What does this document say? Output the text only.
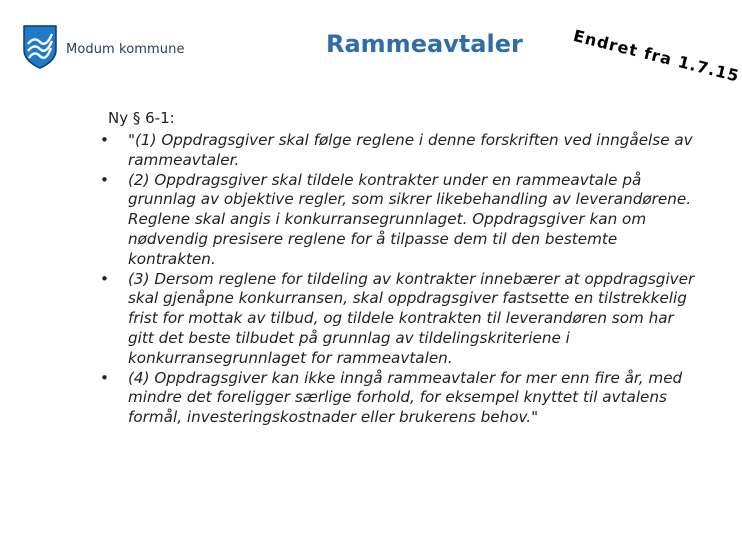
Modum kommune	Rammeavtaler	Endret fra 1.7.15
Ny § 6-1:
• "(1) Oppdragsgiver skal følge reglene i denne forskriften ved inngåelse av rammeavtaler.
• (2) Oppdragsgiver skal tildele kontrakter under en rammeavtale på grunnlag av objektive regler, som sikrer likebehandling av leverandørene. Reglene skal angis i konkurransegrunnlaget. Oppdragsgiver kan om nødvendig presisere reglene for å tilpasse dem til den bestemte kontrakten.
• (3) Dersom reglene for tildeling av kontrakter innebærer at oppdragsgiver skal gjenåpne konkurransen, skal oppdragsgiver fastsette en tilstrekkelig frist for mottak av tilbud, og tildele kontrakten til leverandøren som har gitt det beste tilbudet på grunnlag av tildelingskriteriene i konkurransegrunnlaget for rammeavtalen.
• (4) Oppdragsgiver kan ikke inngå rammeavtaler for mer enn fire år, med mindre det foreligger særlige forhold, for eksempel knyttet til avtalens formål, investeringskostnader eller brukerens behov."
